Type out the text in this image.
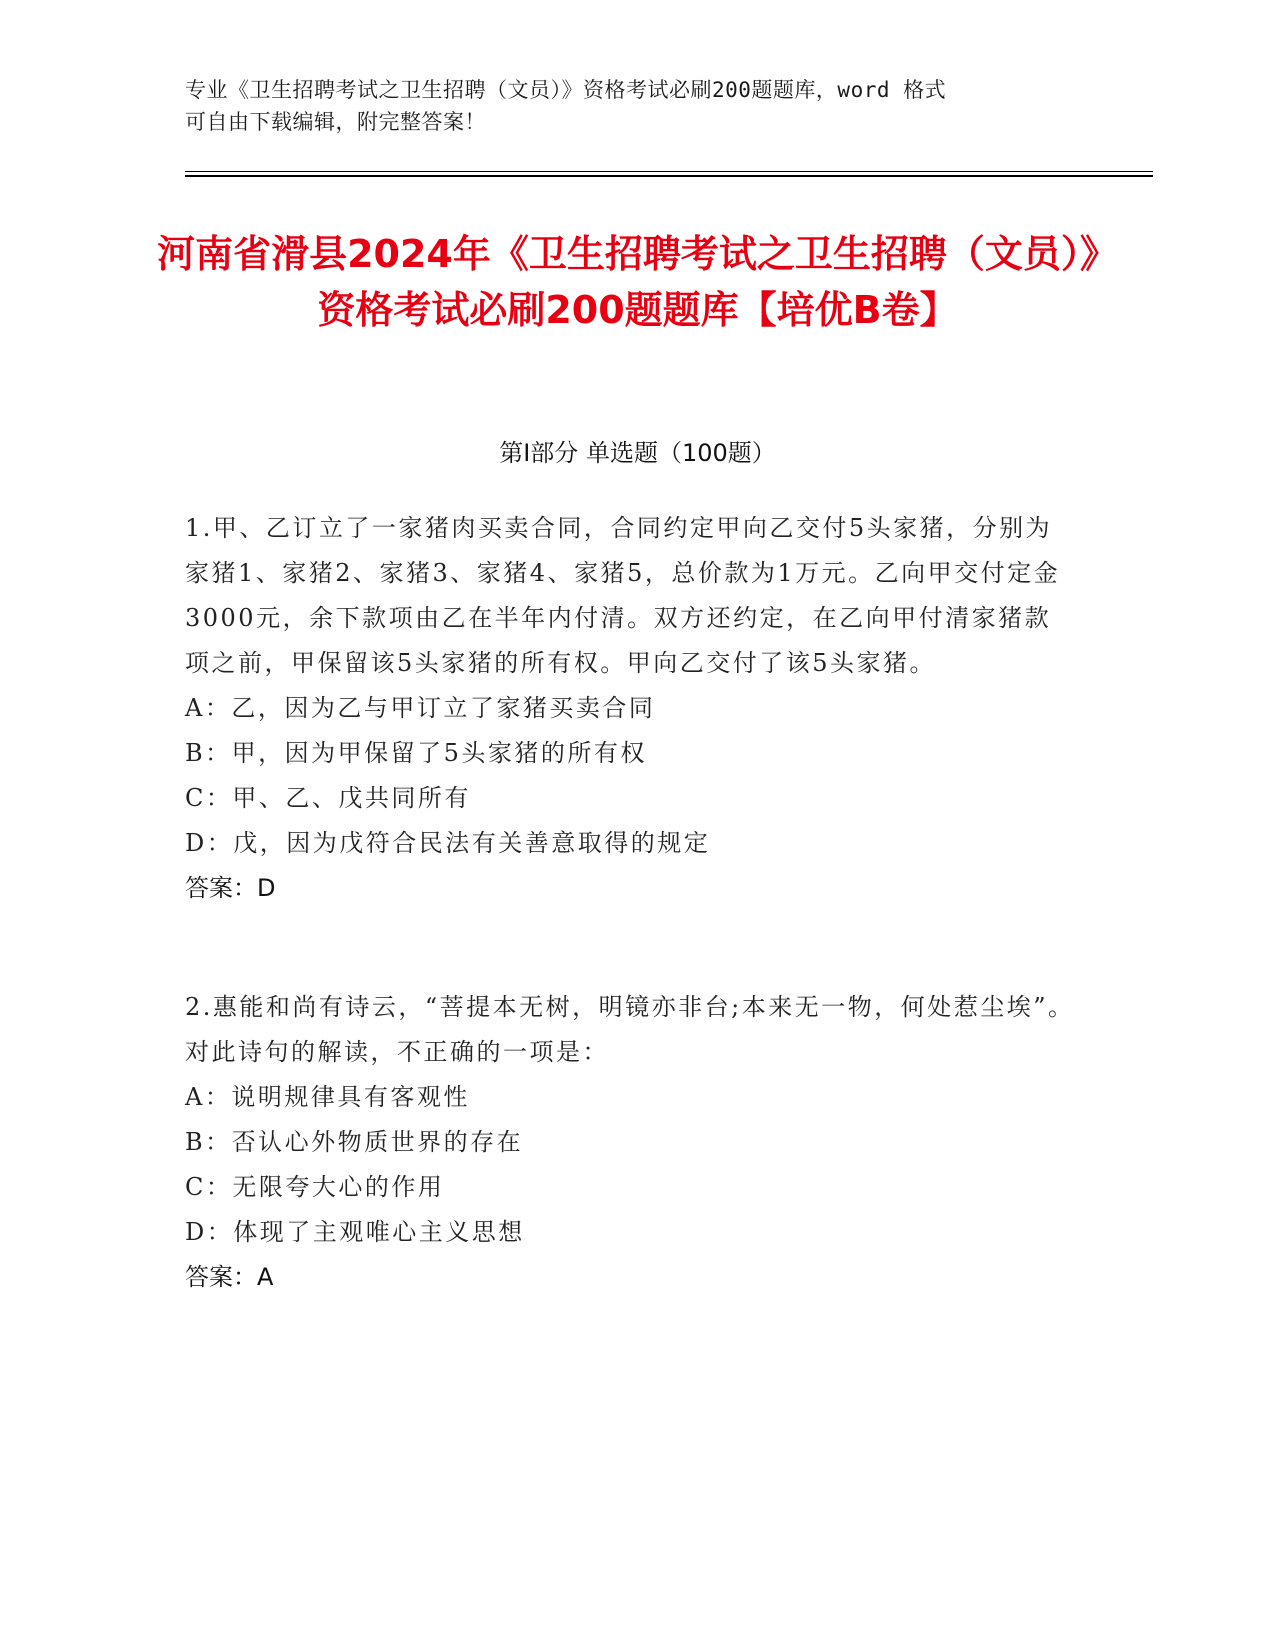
专业《卫生招聘考试之卫生招聘（文员）》资格考试必刷200题题库，word 格式
可自由下载编辑，附完整答案！
河南省滑县2024年《卫生招聘考试之卫生招聘（文员）》资格考试必刷200题题库【培优B卷】
第I部分 单选题（100题）

1.甲、乙订立了一家猪肉买卖合同，合同约定甲向乙交付5头家猪，分别为家猪1、家猪2、家猪3、家猪4、家猪5，总价款为1万元。乙向甲交付定金3000元，余下款项由乙在半年内付清。双方还约定，在乙向甲付清家猪款项之前，甲保留该5头家猪的所有权。甲向乙交付了该5头家猪。

A：乙，因为乙与甲订立了家猪买卖合同

B：甲，因为甲保留了5头家猪的所有权

C：甲、乙、戊共同所有

D：戊，因为戊符合民法有关善意取得的规定

答案：D

2.惠能和尚有诗云，“菩提本无树，明镜亦非台;本来无一物，何处惹尘埃”。对此诗句的解读，不正确的一项是：

A：说明规律具有客观性

B：否认心外物质世界的存在

C：无限夸大心的作用

D：体现了主观唯心主义思想

答案：A
